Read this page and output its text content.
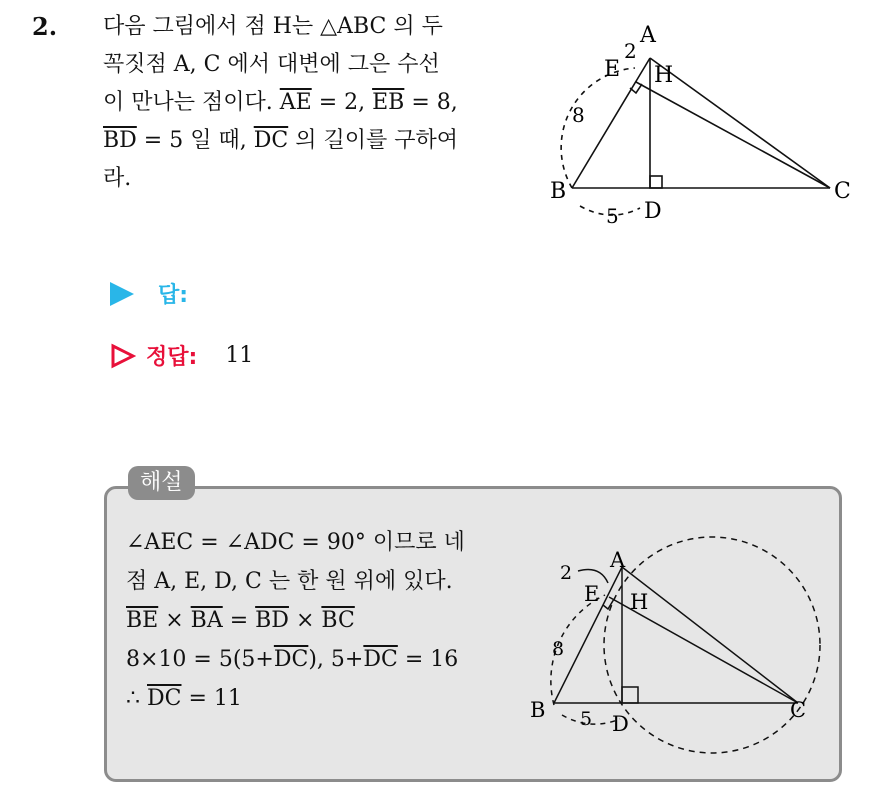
2. 다음 그림에서 점 H는 △ABC 의 두
꼭짓점 A, C 에서 대변에 그은 수선
이 만나는 점이다. $\overline{AE} = 2$, $\overline{EB} = 8$,
$\overline{BD} = 5$ 일 때, $\overline{DC}$ 의 길이를 구하여
라.
A
E H
B	C
D
2
8
5
답:
정답: 11
해설
∠AEC = ∠ADC = 90° 이므로 네
점 A, E, D, C 는 한 원 위에 있다.
$\overline{BE} \times \overline{BA} = \overline{BD} \times \overline{BC}$
$8\times 10 = 5(5+\overline{DC})$, $5+\overline{DC} = 16$
∴ $\overline{DC} = 11$
A
E H
B	C
D
2
8
5
